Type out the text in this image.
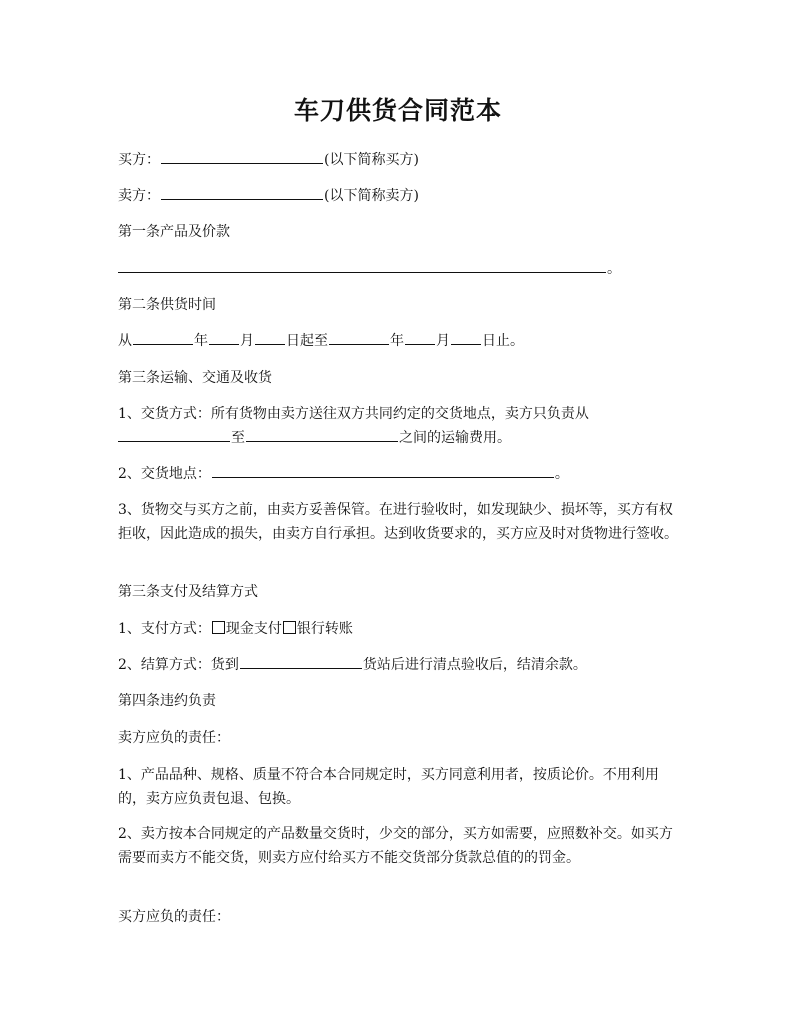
车刀供货合同范本
买方：	(以下简称买方)
卖方：	(以下简称卖方)
第一条产品及价款
。
第二条供货时间
从	年 月 日起至	年 月 日止。
第三条运输、交通及收货
1、交货方式：所有货物由卖方送往双方共同约定的交货地点，卖方只负责从
至	之间的运输费用。
2、交货地点：	。
3、货物交与买方之前，由卖方妥善保管。在进行验收时，如发现缺少、损坏等，买方有权拒收，因此造成的损失，由卖方自行承担。达到收货要求的，买方应及时对货物进行签收。
第三条支付及结算方式
1、支付方式： 现金支付 银行转账
2、结算方式：货到	货站后进行清点验收后，结清余款。
第四条违约负责
卖方应负的责任：
1、产品品种、规格、质量不符合本合同规定时，买方同意利用者，按质论价。不用利用的，卖方应负责包退、包换。
2、卖方按本合同规定的产品数量交货时，少交的部分，买方如需要，应照数补交。如买方需要而卖方不能交货，则卖方应付给买方不能交货部分货款总值的的罚金。
买方应负的责任：
